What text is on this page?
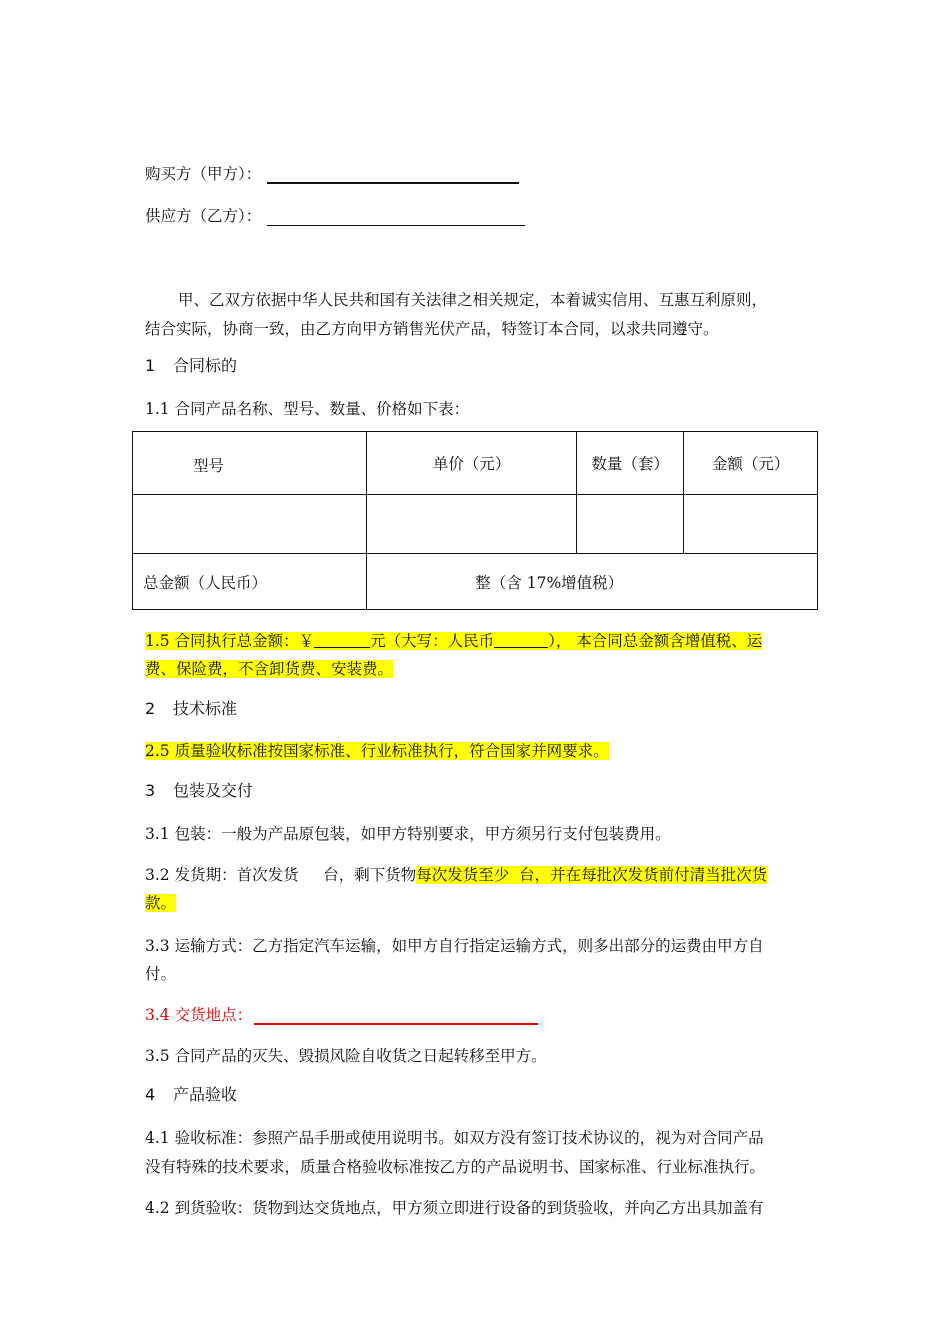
购买方（甲方）：
供应方（乙方）：
甲、乙双方依据中华人民共和国有关法律之相关规定，本着诚实信用、互惠互利原则，
结合实际，协商一致，由乙方向甲方销售光伏产品，特签订本合同，以求共同遵守。
1 合同标的
1.1 合同产品名称、型号、数量、价格如下表：
型号	单价（元）	数量（套）	金额（元）

总金额（人民币）	整（含 17%增值税）		
1.5 合同执行总金额：￥	元（大写：人民币	）， 本合同总金额含增值税、运
费、保险费，不含卸货费、安装费。
2 技术标准
2.5 质量验收标准按国家标准、行业标准执行，符合国家并网要求。
3 包装及交付
3.1 包装：一般为产品原包装，如甲方特别要求，甲方须另行支付包装费用。
3.2 发货期：首次发货     台，剩下货物每次发货至少  台，并在每批次发货前付清当批次货
款。
3.3 运输方式：乙方指定汽车运输，如甲方自行指定运输方式，则多出部分的运费由甲方自
付。
3.4 交货地点：
3.5 合同产品的灭失、毁损风险自收货之日起转移至甲方。
4 产品验收
4.1 验收标准：参照产品手册或使用说明书。如双方没有签订技术协议的，视为对合同产品
没有特殊的技术要求，质量合格验收标准按乙方的产品说明书、国家标准、行业标准执行。
4.2 到货验收：货物到达交货地点，甲方须立即进行设备的到货验收，并向乙方出具加盖有
